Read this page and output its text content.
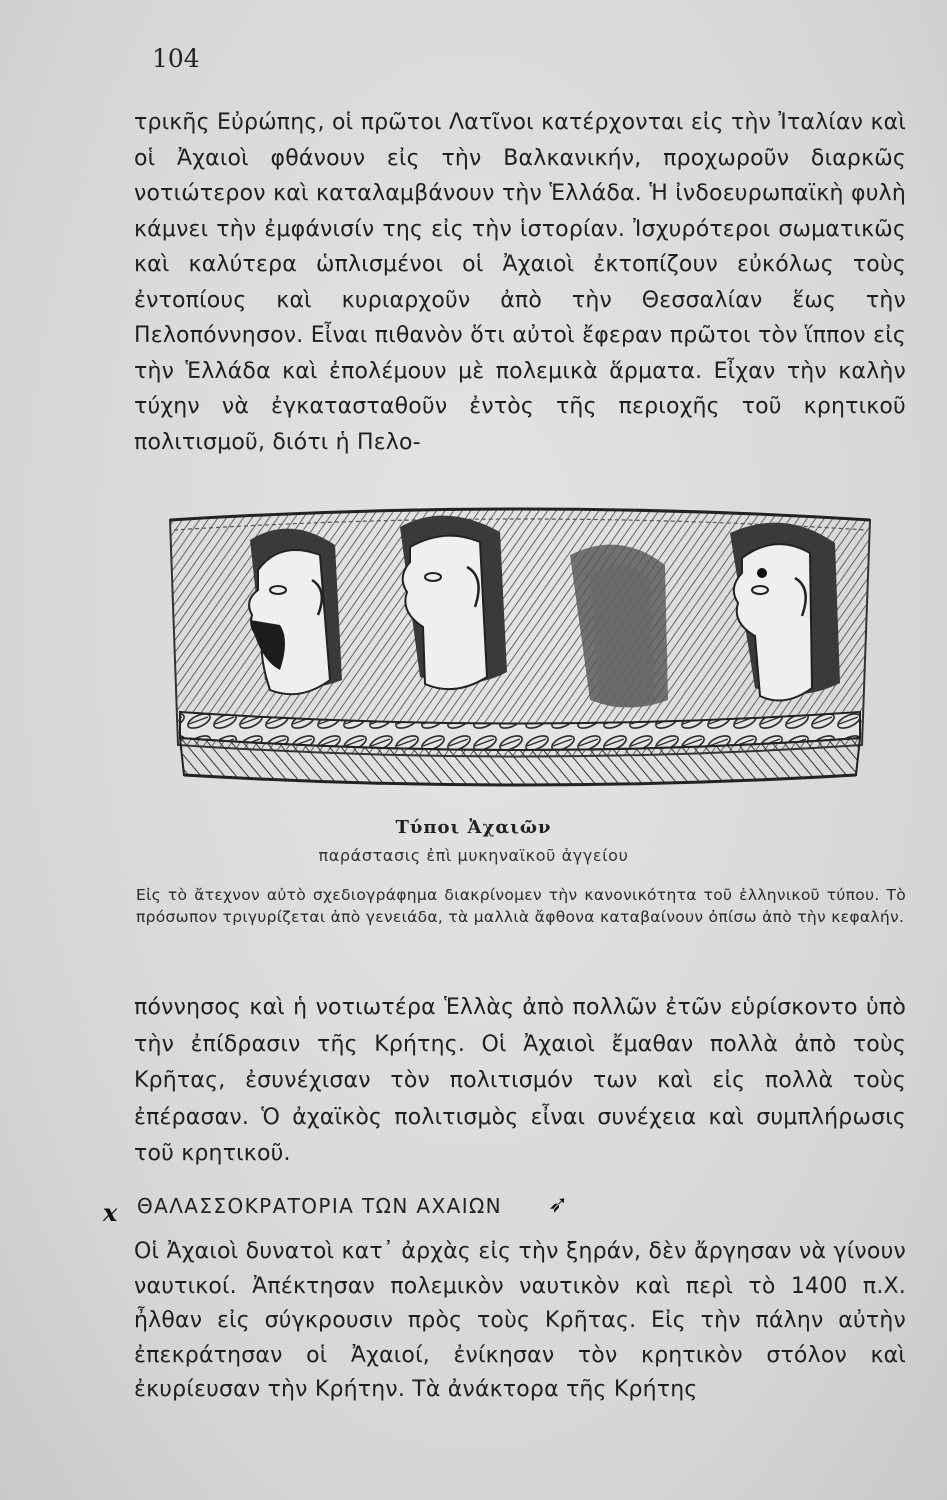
104

τρικῆς Εὐρώπης, οἱ πρῶτοι Λατῖνοι κατέρχονται εἰς τὴν Ἰταλίαν καὶ οἱ Ἀχαιοὶ φθάνουν εἰς τὴν Βαλκανικήν, προχωροῦν διαρκῶς νοτιώτερον καὶ καταλαμβάνουν τὴν Ἑλλάδα. Ἡ ἰνδοευρωπαϊκὴ φυλὴ κάμνει τὴν ἐμφάνισίν της εἰς τὴν ἱστορίαν. Ἰσχυρότεροι σωματικῶς καὶ καλύτερα ὡπλισμένοι οἱ Ἀχαιοὶ ἐκτοπίζουν εὐκόλως τοὺς ἐντοπίους καὶ κυριαρχοῦν ἀπὸ τὴν Θεσσαλίαν ἕως τὴν Πελοπόννησον. Εἶναι πιθανὸν ὅτι αὐτοὶ ἔφεραν πρῶτοι τὸν ἵππον εἰς τὴν Ἑλλάδα καὶ ἐπολέμουν μὲ πολεμικὰ ἅρματα. Εἶχαν τὴν καλὴν τύχην νὰ ἐγκατασταθοῦν ἐντὸς τῆς περιοχῆς τοῦ κρητικοῦ πολιτισμοῦ, διότι ἡ Πελο-

Τύποι Ἀχαιῶν
παράστασις ἐπὶ μυκηναϊκοῦ ἀγγείου

Εἰς τὸ ἄτεχνον αὐτὸ σχεδιογράφημα διακρίνομεν τὴν κανονικότητα τοῦ ἑλληνικοῦ τύπου. Τὸ πρόσωπον τριγυρίζεται ἀπὸ γενειάδα, τὰ μαλλιὰ ἄφθονα καταβαίνουν ὀπίσω ἀπὸ τὴν κεφαλήν.

πόννησος καὶ ἡ νοτιωτέρα Ἑλλὰς ἀπὸ πολλῶν ἐτῶν εὑρίσκοντο ὑπὸ τὴν ἐπίδρασιν τῆς Κρήτης. Οἱ Ἀχαιοὶ ἔμαθαν πολλὰ ἀπὸ τοὺς Κρῆτας, ἐσυνέχισαν τὸν πολιτισμόν των καὶ εἰς πολλὰ τοὺς ἐπέρασαν. Ὁ ἀχαϊκὸς πολιτισμὸς εἶναι συνέχεια καὶ συμπλήρωσις τοῦ κρητικοῦ.

x ΘΑΛΑΣΣΟΚΡΑΤΟΡΙΑ ΤΩΝ ΑΧΑΙΩΝ ➶

Οἱ Ἀχαιοὶ δυνατοὶ κατ᾽ ἀρχὰς εἰς τὴν ξηράν, δὲν ἄργησαν νὰ γίνουν ναυτικοί. Ἀπέκτησαν πολεμικὸν ναυτικὸν καὶ περὶ τὸ 1400 π.Χ. ἦλθαν εἰς σύγκρουσιν πρὸς τοὺς Κρῆτας. Εἰς τὴν πάλην αὐτὴν ἐπεκράτησαν οἱ Ἀχαιοί, ἐνίκησαν τὸν κρητικὸν στόλον καὶ ἐκυρίευσαν τὴν Κρήτην. Τὰ ἀνάκτορα τῆς Κρήτης
